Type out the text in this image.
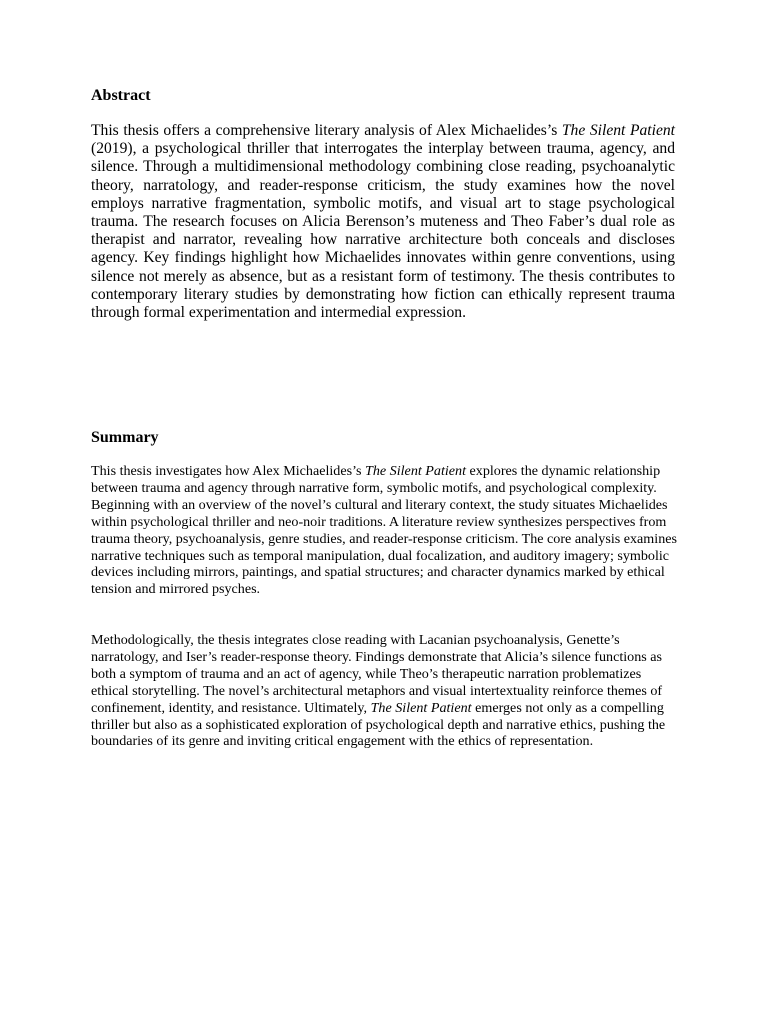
Abstract

This thesis offers a comprehensive literary analysis of Alex Michaelides’s The Silent Patient (2019), a psychological thriller that interrogates the interplay between trauma, agency, and silence. Through a multidimensional methodology combining close reading, psychoanalytic theory, narratology, and reader-response criticism, the study examines how the novel employs narrative fragmentation, symbolic motifs, and visual art to stage psychological trauma. The research focuses on Alicia Berenson’s muteness and Theo Faber’s dual role as therapist and narrator, revealing how narrative architecture both conceals and discloses agency. Key findings highlight how Michaelides innovates within genre conventions, using silence not merely as absence, but as a resistant form of testimony. The thesis contributes to contemporary literary studies by demonstrating how fiction can ethically represent trauma through formal experimentation and intermedial expression.

Summary

This thesis investigates how Alex Michaelides’s The Silent Patient explores the dynamic relationship between trauma and agency through narrative form, symbolic motifs, and psychological complexity. Beginning with an overview of the novel’s cultural and literary context, the study situates Michaelides within psychological thriller and neo-noir traditions. A literature review synthesizes perspectives from trauma theory, psychoanalysis, genre studies, and reader-response criticism. The core analysis examines narrative techniques such as temporal manipulation, dual focalization, and auditory imagery; symbolic devices including mirrors, paintings, and spatial structures; and character dynamics marked by ethical tension and mirrored psyches.

Methodologically, the thesis integrates close reading with Lacanian psychoanalysis, Genette’s narratology, and Iser’s reader-response theory. Findings demonstrate that Alicia’s silence functions as both a symptom of trauma and an act of agency, while Theo’s therapeutic narration problematizes ethical storytelling. The novel’s architectural metaphors and visual intertextuality reinforce themes of confinement, identity, and resistance. Ultimately, The Silent Patient emerges not only as a compelling thriller but also as a sophisticated exploration of psychological depth and narrative ethics, pushing the boundaries of its genre and inviting critical engagement with the ethics of representation.
